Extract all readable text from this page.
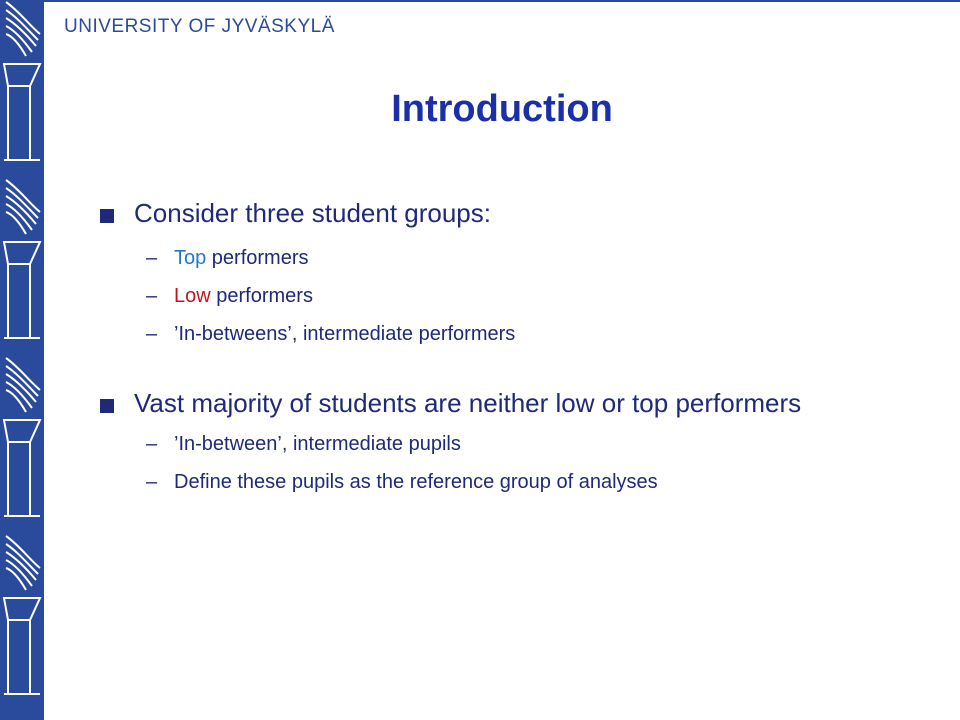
UNIVERSITY OF JYVÄSKYLÄ
Introduction
Consider three student groups:
– Top performers
– Low performers
– ’In-betweens’, intermediate performers
Vast majority of students are neither low or top performers
– ’In-between’, intermediate pupils
– Define these pupils as the reference group of analyses
